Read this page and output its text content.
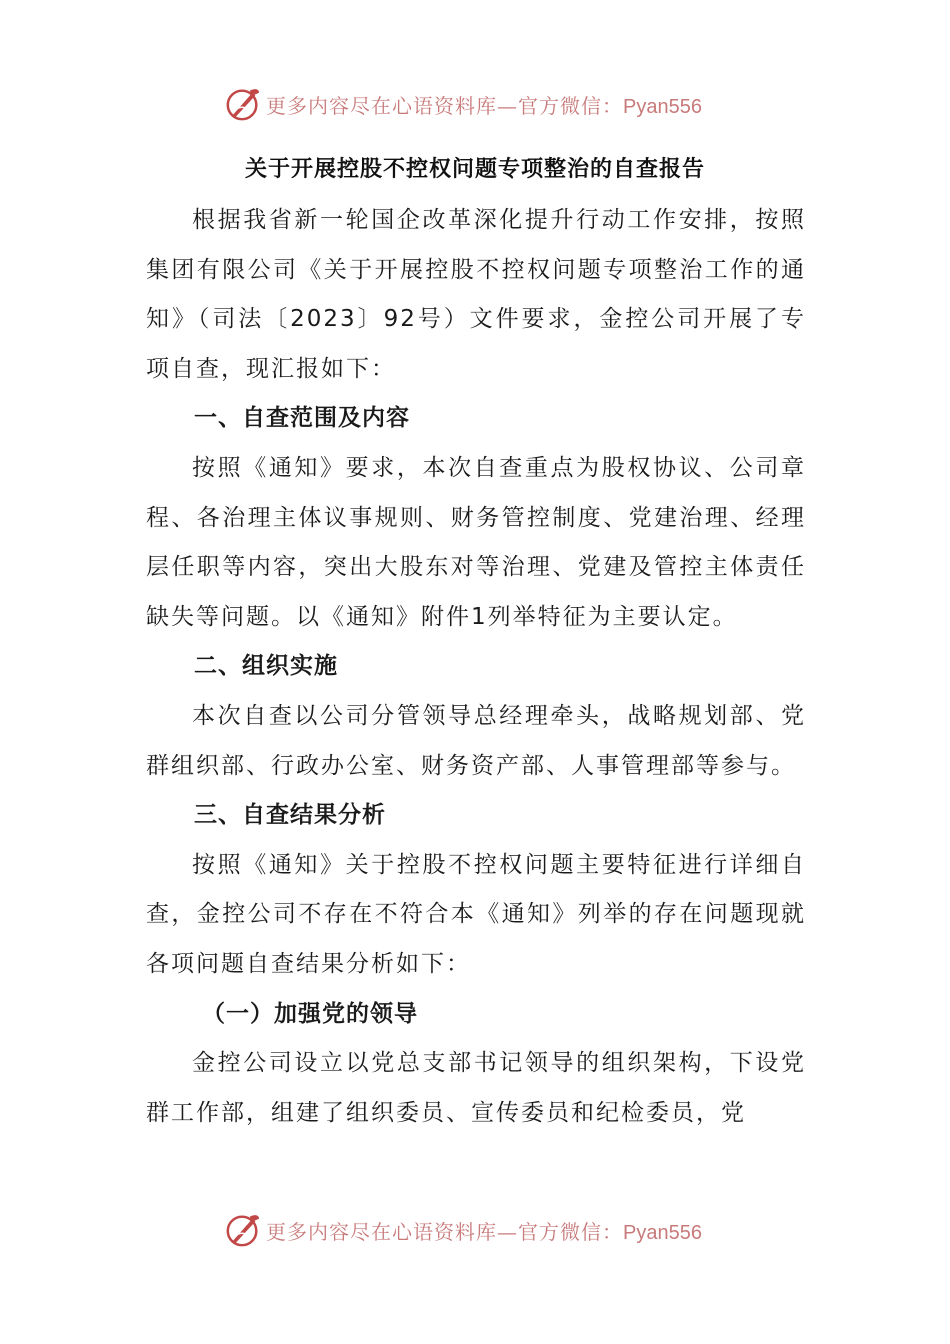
更多内容尽在心语资料库—官方微信：Pyan556
关于开展控股不控权问题专项整治的自查报告

根据我省新一轮国企改革深化提升行动工作安排，按照集团有限公司《关于开展控股不控权问题专项整治工作的通知》（司法〔2023〕92号）文件要求，金控公司开展了专项自查，现汇报如下：

一、自查范围及内容

按照《通知》要求，本次自查重点为股权协议、公司章程、各治理主体议事规则、财务管控制度、党建治理、经理层任职等内容，突出大股东对等治理、党建及管控主体责任缺失等问题。以《通知》附件1列举特征为主要认定。

二、组织实施

本次自查以公司分管领导总经理牵头，战略规划部、党群组织部、行政办公室、财务资产部、人事管理部等参与。

三、自查结果分析

按照《通知》关于控股不控权问题主要特征进行详细自查，金控公司不存在不符合本《通知》列举的存在问题现就各项问题自查结果分析如下：

（一）加强党的领导

金控公司设立以党总支部书记领导的组织架构，下设党群工作部，组建了组织委员、宣传委员和纪检委员，党

更多内容尽在心语资料库—官方微信：Pyan556
